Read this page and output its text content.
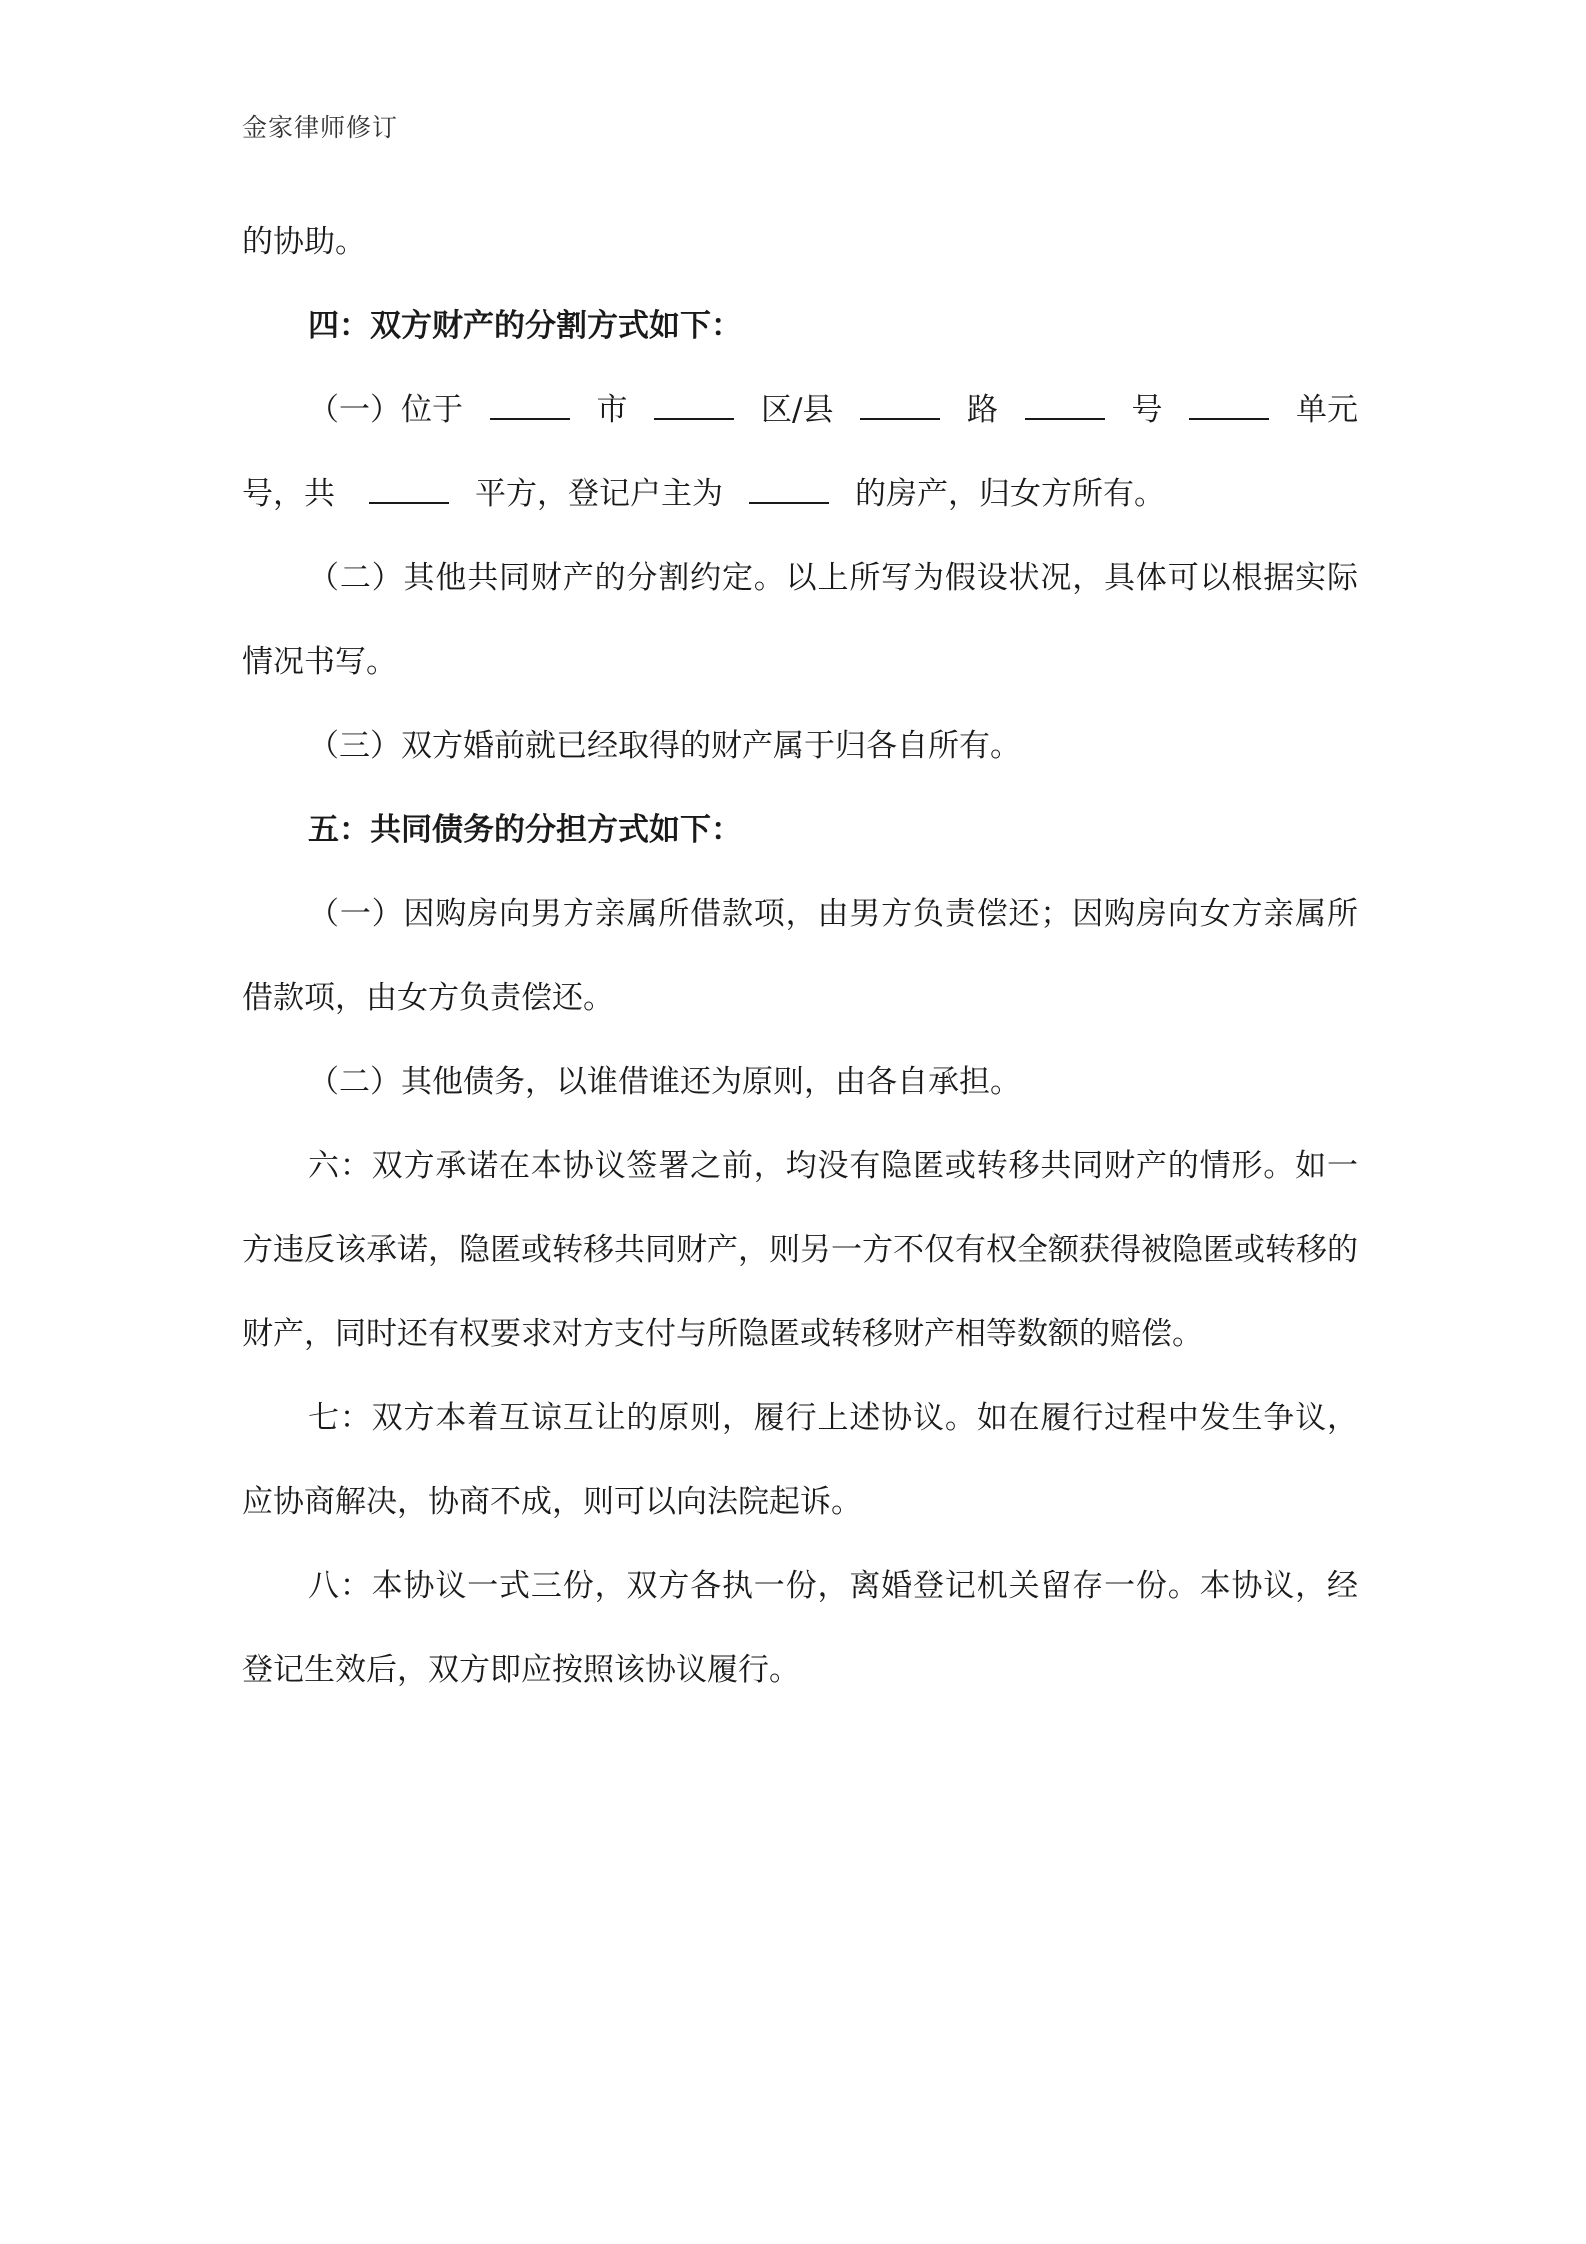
金家律师修订

的协助。

四：双方财产的分割方式如下：

（一）位于	市	区/县	路	号	单元
号，共	平方，登记户主为	的房产，归女方所有。

（二）其他共同财产的分割约定。以上所写为假设状况，具体可以根据实际情况书写。

（三）双方婚前就已经取得的财产属于归各自所有。

五：共同债务的分担方式如下：

（一）因购房向男方亲属所借款项，由男方负责偿还；因购房向女方亲属所借款项，由女方负责偿还。

（二）其他债务，以谁借谁还为原则，由各自承担。

六：双方承诺在本协议签署之前，均没有隐匿或转移共同财产的情形。如一方违反该承诺，隐匿或转移共同财产，则另一方不仅有权全额获得被隐匿或转移的财产，同时还有权要求对方支付与所隐匿或转移财产相等数额的赔偿。

七：双方本着互谅互让的原则，履行上述协议。如在履行过程中发生争议，应协商解决，协商不成，则可以向法院起诉。

八：本协议一式三份，双方各执一份，离婚登记机关留存一份。本协议，经登记生效后，双方即应按照该协议履行。
